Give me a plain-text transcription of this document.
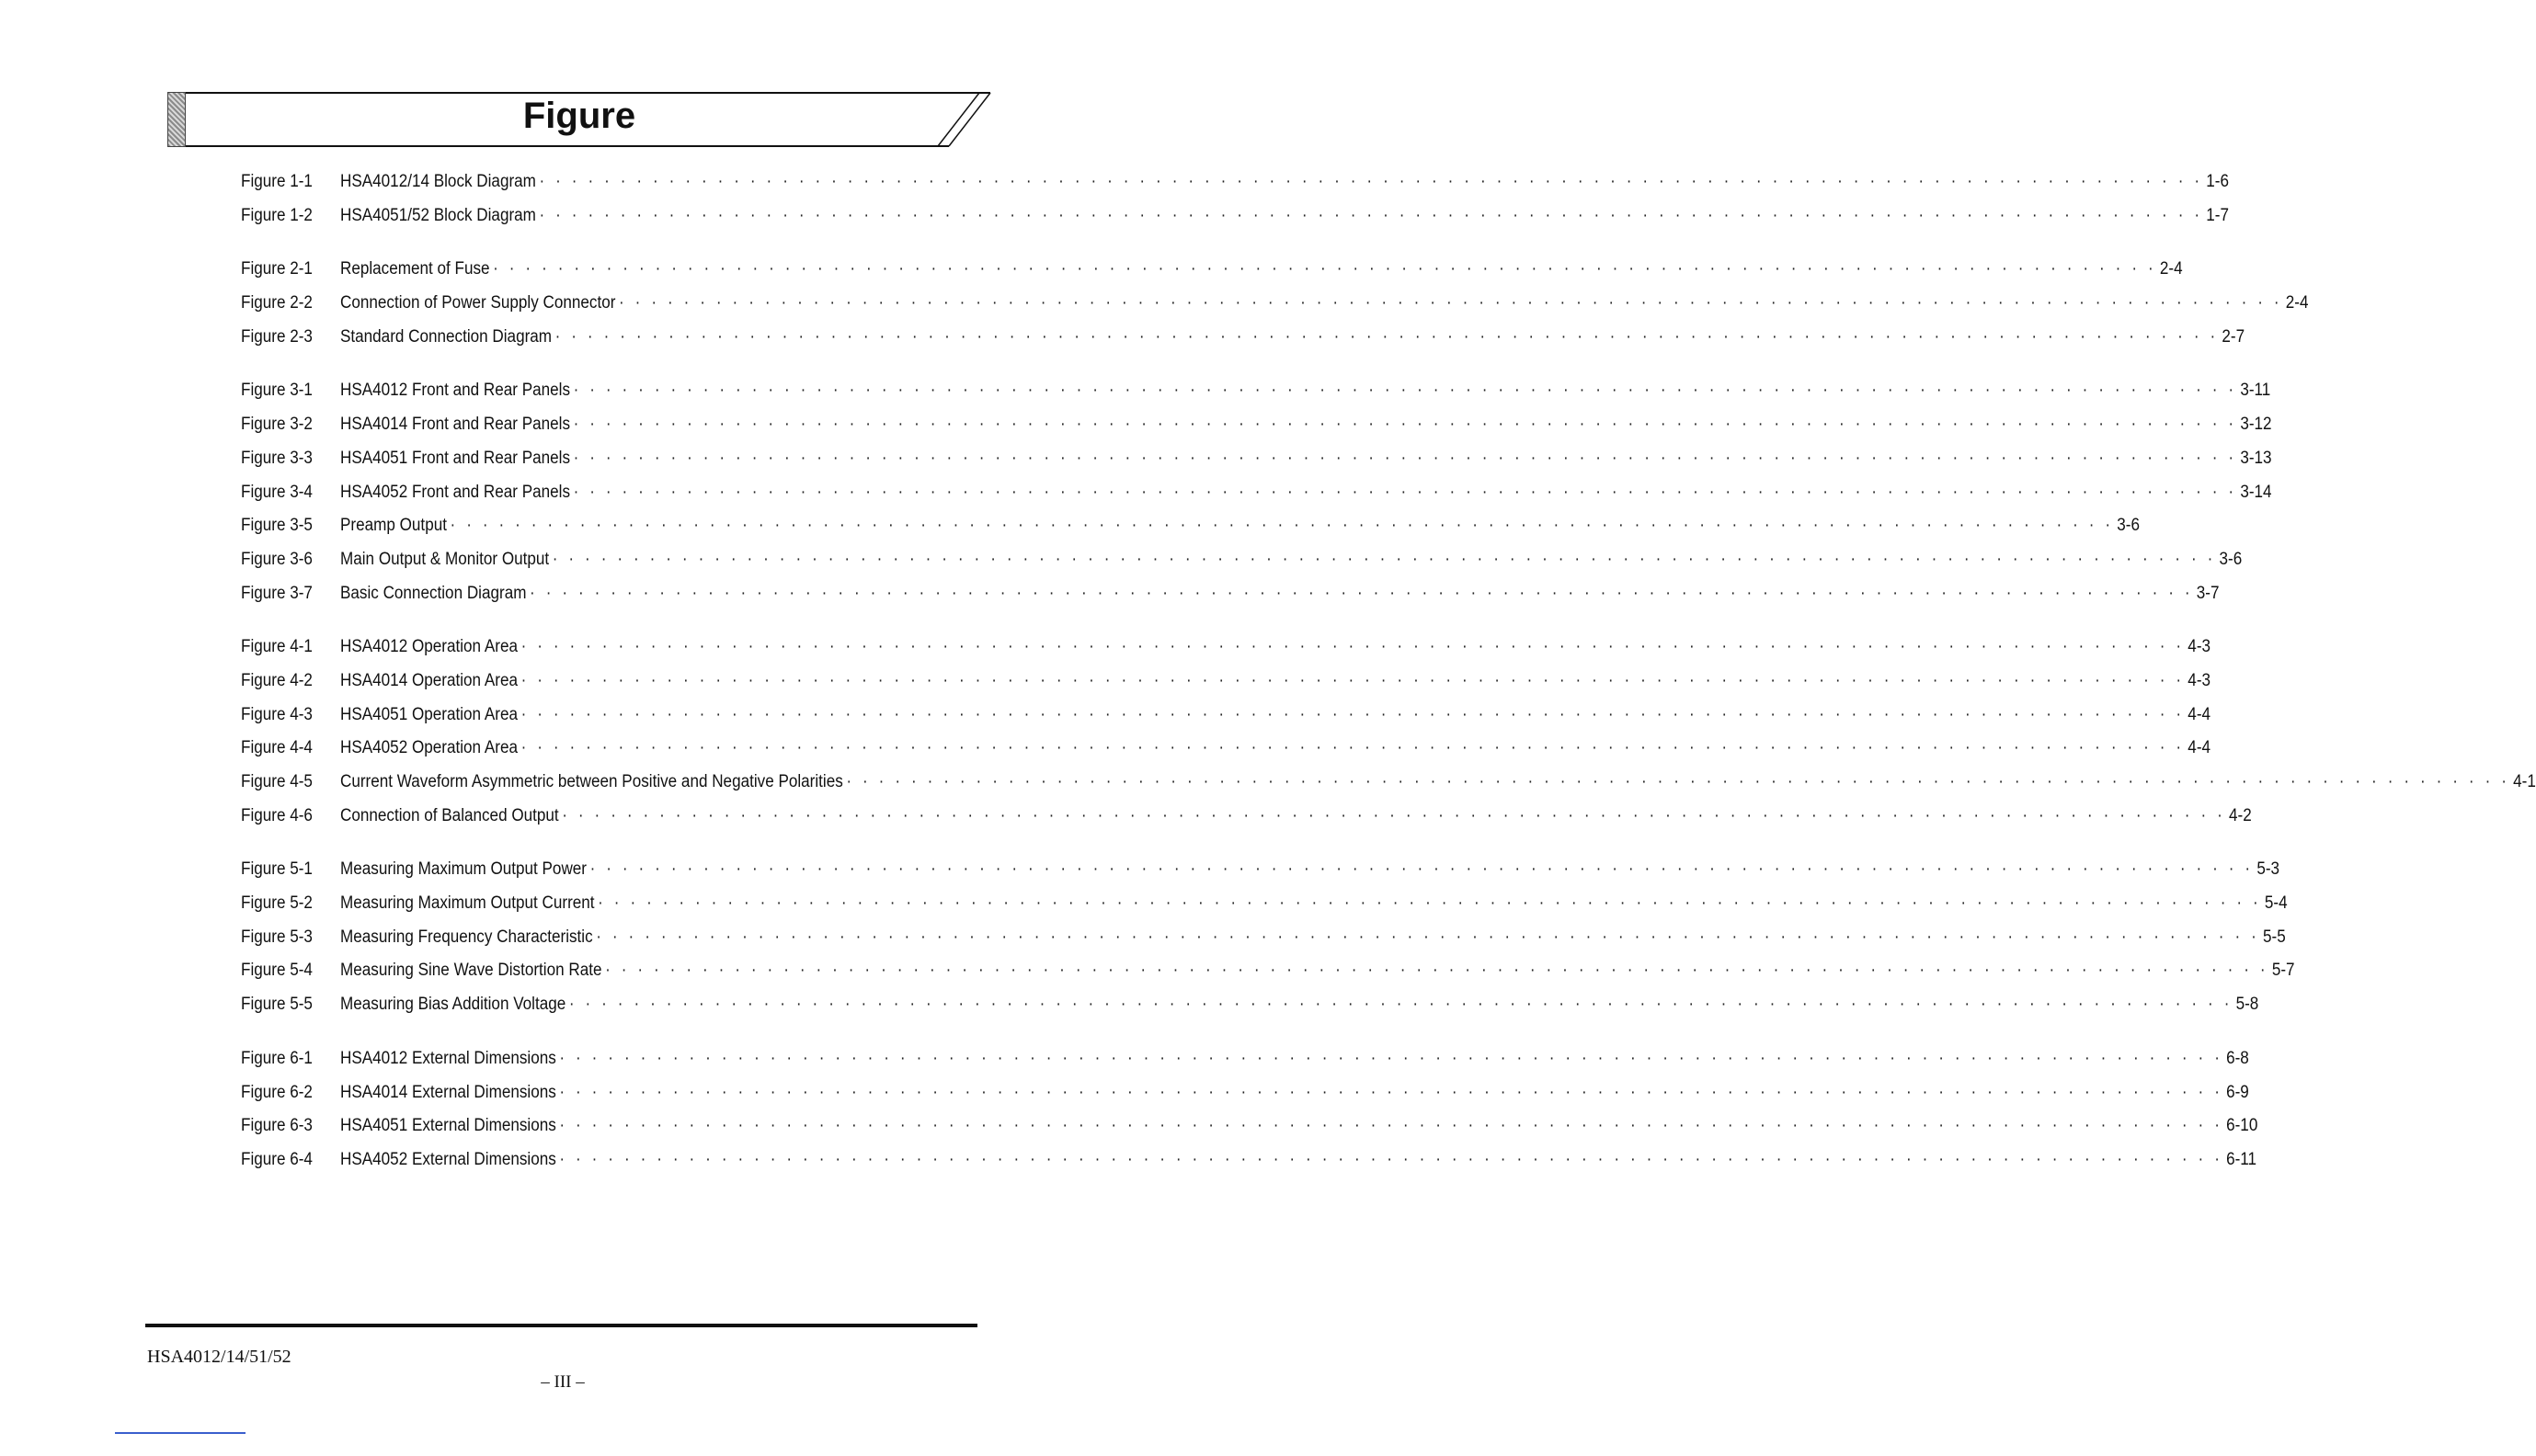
Figure
Figure 1-1	HSA4012/14 Block Diagram · · · · · · · · · · · · · · · · · · · · · · · · · · · · · · · · · · · · · · · · · · · · · · · · · · · · · · · · · · · · · · · · · · · · · · · · · · · · · · · · · · · · · · · · · · · · · · · · · · · · · · · 1-6
Figure 1-2	HSA4051/52 Block Diagram · · · · · · · · · · · · · · · · · · · · · · · · · · · · · · · · · · · · · · · · · · · · · · · · · · · · · · · · · · · · · · · · · · · · · · · · · · · · · · · · · · · · · · · · · · · · · · · · · · · · · · · 1-7
Figure 2-1	Replacement of Fuse · · · · · · · · · · · · · · · · · · · · · · · · · · · · · · · · · · · · · · · · · · · · · · · · · · · · · · · · · · · · · · · · · · · · · · · · · · · · · · · · · · · · · · · · · · · · · · · · · · · · · · · 2-4
Figure 2-2	Connection of Power Supply Connector · · · · · · · · · · · · · · · · · · · · · · · · · · · · · · · · · · · · · · · · · · · · · · · · · · · · · · · · · · · · · · · · · · · · · · · · · · · · · · · · · · · · · · · · · · · · · · · · · · · · · · · 2-4
Figure 2-3	Standard Connection Diagram · · · · · · · · · · · · · · · · · · · · · · · · · · · · · · · · · · · · · · · · · · · · · · · · · · · · · · · · · · · · · · · · · · · · · · · · · · · · · · · · · · · · · · · · · · · · · · · · · · · · · · · 2-7
Figure 3-1	HSA4012 Front and Rear Panels · · · · · · · · · · · · · · · · · · · · · · · · · · · · · · · · · · · · · · · · · · · · · · · · · · · · · · · · · · · · · · · · · · · · · · · · · · · · · · · · · · · · · · · · · · · · · · · · · · · · · · · 3-11
Figure 3-2	HSA4014 Front and Rear Panels · · · · · · · · · · · · · · · · · · · · · · · · · · · · · · · · · · · · · · · · · · · · · · · · · · · · · · · · · · · · · · · · · · · · · · · · · · · · · · · · · · · · · · · · · · · · · · · · · · · · · · · 3-12
Figure 3-3	HSA4051 Front and Rear Panels · · · · · · · · · · · · · · · · · · · · · · · · · · · · · · · · · · · · · · · · · · · · · · · · · · · · · · · · · · · · · · · · · · · · · · · · · · · · · · · · · · · · · · · · · · · · · · · · · · · · · · · 3-13
Figure 3-4	HSA4052 Front and Rear Panels · · · · · · · · · · · · · · · · · · · · · · · · · · · · · · · · · · · · · · · · · · · · · · · · · · · · · · · · · · · · · · · · · · · · · · · · · · · · · · · · · · · · · · · · · · · · · · · · · · · · · · · 3-14
Figure 3-5	Preamp Output · · · · · · · · · · · · · · · · · · · · · · · · · · · · · · · · · · · · · · · · · · · · · · · · · · · · · · · · · · · · · · · · · · · · · · · · · · · · · · · · · · · · · · · · · · · · · · · · · · · · · · · 3-6
Figure 3-6	Main Output & Monitor Output · · · · · · · · · · · · · · · · · · · · · · · · · · · · · · · · · · · · · · · · · · · · · · · · · · · · · · · · · · · · · · · · · · · · · · · · · · · · · · · · · · · · · · · · · · · · · · · · · · · · · · · 3-6
Figure 3-7	Basic Connection Diagram · · · · · · · · · · · · · · · · · · · · · · · · · · · · · · · · · · · · · · · · · · · · · · · · · · · · · · · · · · · · · · · · · · · · · · · · · · · · · · · · · · · · · · · · · · · · · · · · · · · · · · · 3-7
Figure 4-1	HSA4012 Operation Area · · · · · · · · · · · · · · · · · · · · · · · · · · · · · · · · · · · · · · · · · · · · · · · · · · · · · · · · · · · · · · · · · · · · · · · · · · · · · · · · · · · · · · · · · · · · · · · · · · · · · · · 4-3
Figure 4-2	HSA4014 Operation Area · · · · · · · · · · · · · · · · · · · · · · · · · · · · · · · · · · · · · · · · · · · · · · · · · · · · · · · · · · · · · · · · · · · · · · · · · · · · · · · · · · · · · · · · · · · · · · · · · · · · · · · 4-3
Figure 4-3	HSA4051 Operation Area · · · · · · · · · · · · · · · · · · · · · · · · · · · · · · · · · · · · · · · · · · · · · · · · · · · · · · · · · · · · · · · · · · · · · · · · · · · · · · · · · · · · · · · · · · · · · · · · · · · · · · · 4-4
Figure 4-4	HSA4052 Operation Area · · · · · · · · · · · · · · · · · · · · · · · · · · · · · · · · · · · · · · · · · · · · · · · · · · · · · · · · · · · · · · · · · · · · · · · · · · · · · · · · · · · · · · · · · · · · · · · · · · · · · · · 4-4
Figure 4-5	Current Waveform Asymmetric between Positive and Negative Polarities · · · · · · · · · · · · · · · · · · · · · · · · · · · · · · · · · · · · · · · · · · · · · · · · · · · · · · · · · · · · · · · · · · · · · · · · · · · · · · · · · · · · · · · · · · · · · · · · · · · · · · · 4-1
Figure 4-6	Connection of Balanced Output · · · · · · · · · · · · · · · · · · · · · · · · · · · · · · · · · · · · · · · · · · · · · · · · · · · · · · · · · · · · · · · · · · · · · · · · · · · · · · · · · · · · · · · · · · · · · · · · · · · · · · · 4-2
Figure 5-1	Measuring Maximum Output Power · · · · · · · · · · · · · · · · · · · · · · · · · · · · · · · · · · · · · · · · · · · · · · · · · · · · · · · · · · · · · · · · · · · · · · · · · · · · · · · · · · · · · · · · · · · · · · · · · · · · · · · 5-3
Figure 5-2	Measuring Maximum Output Current · · · · · · · · · · · · · · · · · · · · · · · · · · · · · · · · · · · · · · · · · · · · · · · · · · · · · · · · · · · · · · · · · · · · · · · · · · · · · · · · · · · · · · · · · · · · · · · · · · · · · · · 5-4
Figure 5-3	Measuring Frequency Characteristic · · · · · · · · · · · · · · · · · · · · · · · · · · · · · · · · · · · · · · · · · · · · · · · · · · · · · · · · · · · · · · · · · · · · · · · · · · · · · · · · · · · · · · · · · · · · · · · · · · · · · · · 5-5
Figure 5-4	Measuring Sine Wave Distortion Rate · · · · · · · · · · · · · · · · · · · · · · · · · · · · · · · · · · · · · · · · · · · · · · · · · · · · · · · · · · · · · · · · · · · · · · · · · · · · · · · · · · · · · · · · · · · · · · · · · · · · · · · 5-7
Figure 5-5	Measuring Bias Addition Voltage · · · · · · · · · · · · · · · · · · · · · · · · · · · · · · · · · · · · · · · · · · · · · · · · · · · · · · · · · · · · · · · · · · · · · · · · · · · · · · · · · · · · · · · · · · · · · · · · · · · · · · · 5-8
Figure 6-1	HSA4012 External Dimensions · · · · · · · · · · · · · · · · · · · · · · · · · · · · · · · · · · · · · · · · · · · · · · · · · · · · · · · · · · · · · · · · · · · · · · · · · · · · · · · · · · · · · · · · · · · · · · · · · · · · · · · 6-8
Figure 6-2	HSA4014 External Dimensions · · · · · · · · · · · · · · · · · · · · · · · · · · · · · · · · · · · · · · · · · · · · · · · · · · · · · · · · · · · · · · · · · · · · · · · · · · · · · · · · · · · · · · · · · · · · · · · · · · · · · · · 6-9
Figure 6-3	HSA4051 External Dimensions · · · · · · · · · · · · · · · · · · · · · · · · · · · · · · · · · · · · · · · · · · · · · · · · · · · · · · · · · · · · · · · · · · · · · · · · · · · · · · · · · · · · · · · · · · · · · · · · · · · · · · · 6-10
Figure 6-4	HSA4052 External Dimensions · · · · · · · · · · · · · · · · · · · · · · · · · · · · · · · · · · · · · · · · · · · · · · · · · · · · · · · · · · · · · · · · · · · · · · · · · · · · · · · · · · · · · · · · · · · · · · · · · · · · · · · 6-11
HSA4012/14/51/52
– III –
